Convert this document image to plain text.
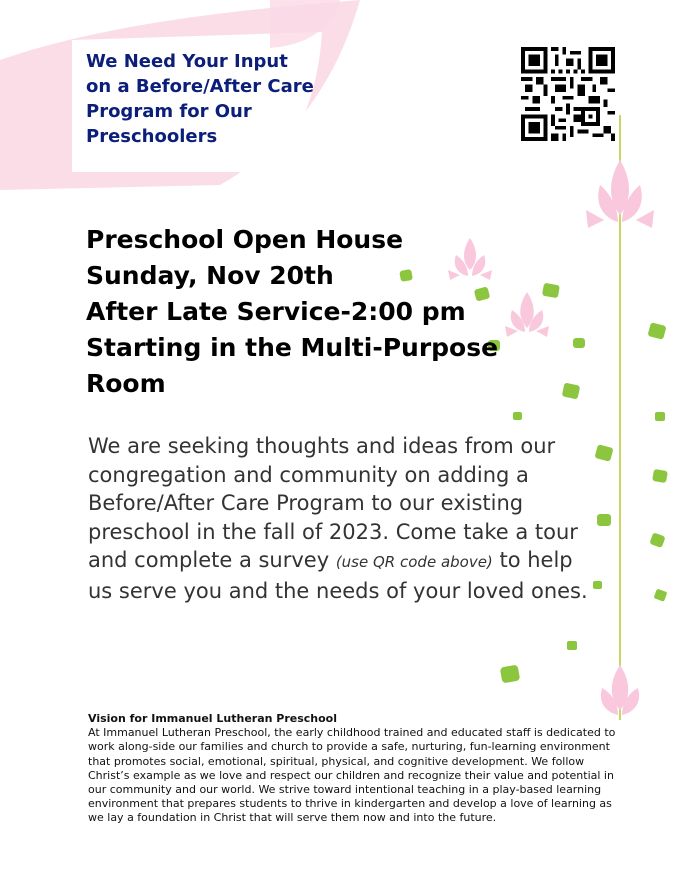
We Need Your Input
on a Before/After Care
Program for Our
Preschoolers
Preschool Open House
Sunday, Nov 20th
After Late Service-2:00 pm
Starting in the Multi-Purpose
Room
We are seeking thoughts and ideas from our congregation and community on adding a Before/After Care Program to our existing preschool in the fall of 2023. Come take a tour and complete a survey (use QR code above) to help us serve you and the needs of your loved ones.
Vision for Immanuel Lutheran Preschool
At Immanuel Lutheran Preschool, the early childhood trained and educated staff is dedicated to work along-side our families and church to provide a safe, nurturing, fun-learning environment that promotes social, emotional, spiritual, physical, and cognitive development. We follow Christ’s example as we love and respect our children and recognize their value and potential in our community and our world. We strive toward intentional teaching in a play-based learning environment that prepares students to thrive in kindergarten and develop a love of learning as we lay a foundation in Christ that will serve them now and into the future.
